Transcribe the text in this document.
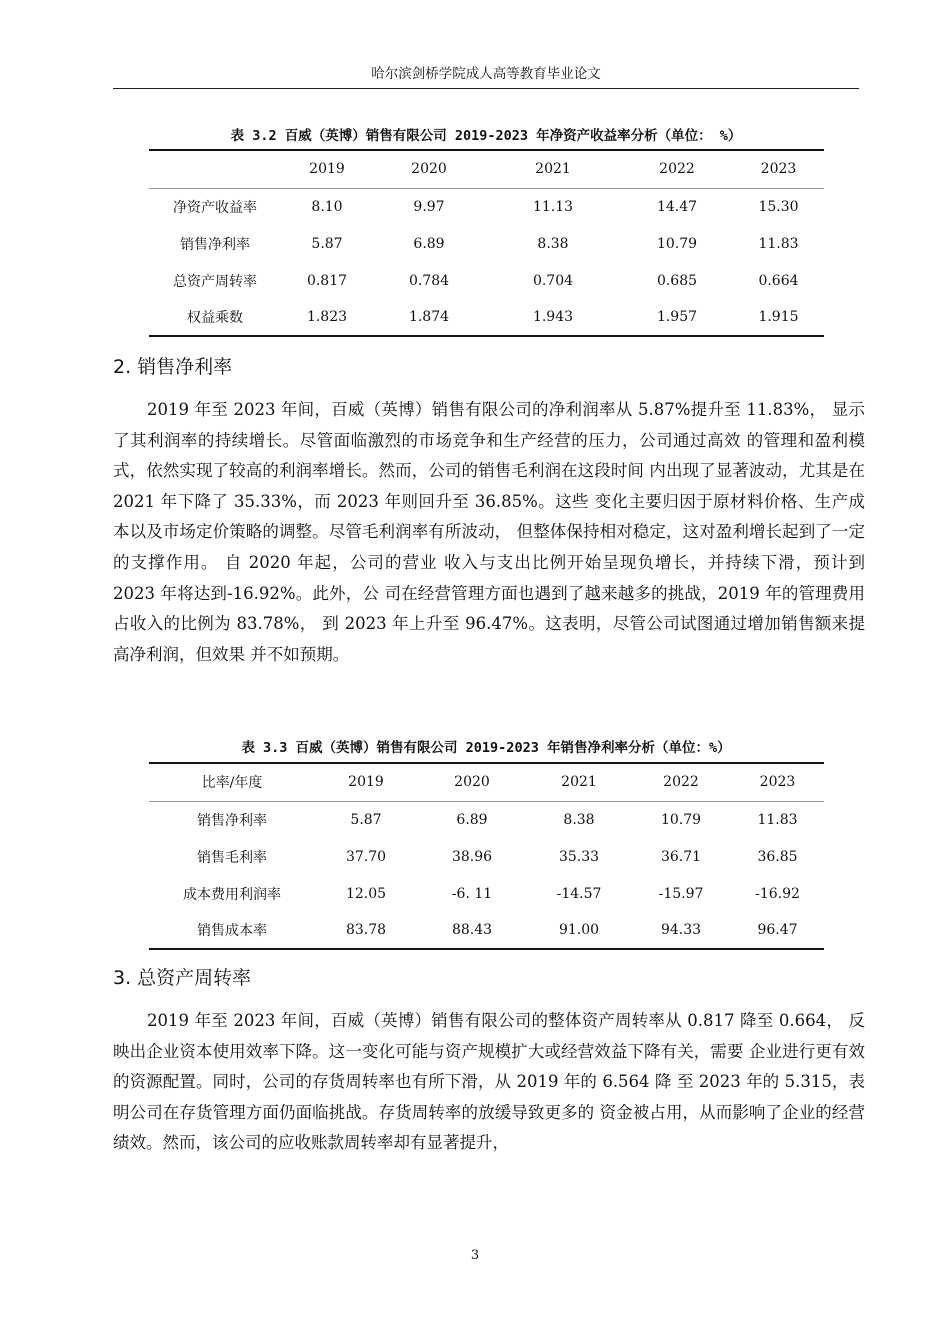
哈尔滨剑桥学院成人高等教育毕业论文
表 3.2 百威（英博）销售有限公司 2019-2023 年净资产收益率分析（单位： %）
	2019	2020	2021	2022	2023
净资产收益率	8.10	9.97	11.13	14.47	15.30
销售净利率	5.87	6.89	8.38	10.79	11.83
总资产周转率	0.817	0.784	0.704	0.685	0.664
权益乘数	1.823	1.874	1.943	1.957	1.915
2. 销售净利率

2019 年至 2023 年间，百威（英博）销售有限公司的净利润率从 5.87%提升至 11.83%， 显示了其利润率的持续增长。尽管面临激烈的市场竞争和生产经营的压力，公司通过高效 的管理和盈利模式，依然实现了较高的利润率增长。然而，公司的销售毛利润在这段时间 内出现了显著波动，尤其是在 2021 年下降了 35.33%，而 2023 年则回升至 36.85%。这些 变化主要归因于原材料价格、生产成本以及市场定价策略的调整。尽管毛利润率有所波动， 但整体保持相对稳定，这对盈利增长起到了一定的支撑作用。 自 2020 年起，公司的营业 收入与支出比例开始呈现负增长，并持续下滑，预计到 2023 年将达到-16.92%。此外，公 司在经营管理方面也遇到了越来越多的挑战，2019 年的管理费用占收入的比例为 83.78%， 到 2023 年上升至 96.47%。这表明，尽管公司试图通过增加销售额来提高净利润，但效果 并不如预期。

表 3.3 百威（英博）销售有限公司 2019-2023 年销售净利率分析（单位：%）
比率/年度	2019	2020	2021	2022	2023
销售净利率	5.87	6.89	8.38	10.79	11.83
销售毛利率	37.70	38.96	35.33	36.71	36.85
成本费用利润率	12.05	-6. 11	-14.57	-15.97	-16.92
销售成本率	83.78	88.43	91.00	94.33	96.47
3. 总资产周转率

2019 年至 2023 年间，百威（英博）销售有限公司的整体资产周转率从 0.817 降至 0.664， 反映出企业资本使用效率下降。这一变化可能与资产规模扩大或经营效益下降有关，需要 企业进行更有效的资源配置。同时，公司的存货周转率也有所下滑，从 2019 年的 6.564 降 至 2023 年的 5.315，表明公司在存货管理方面仍面临挑战。存货周转率的放缓导致更多的 资金被占用，从而影响了企业的经营绩效。然而，该公司的应收账款周转率却有显著提升，

3
